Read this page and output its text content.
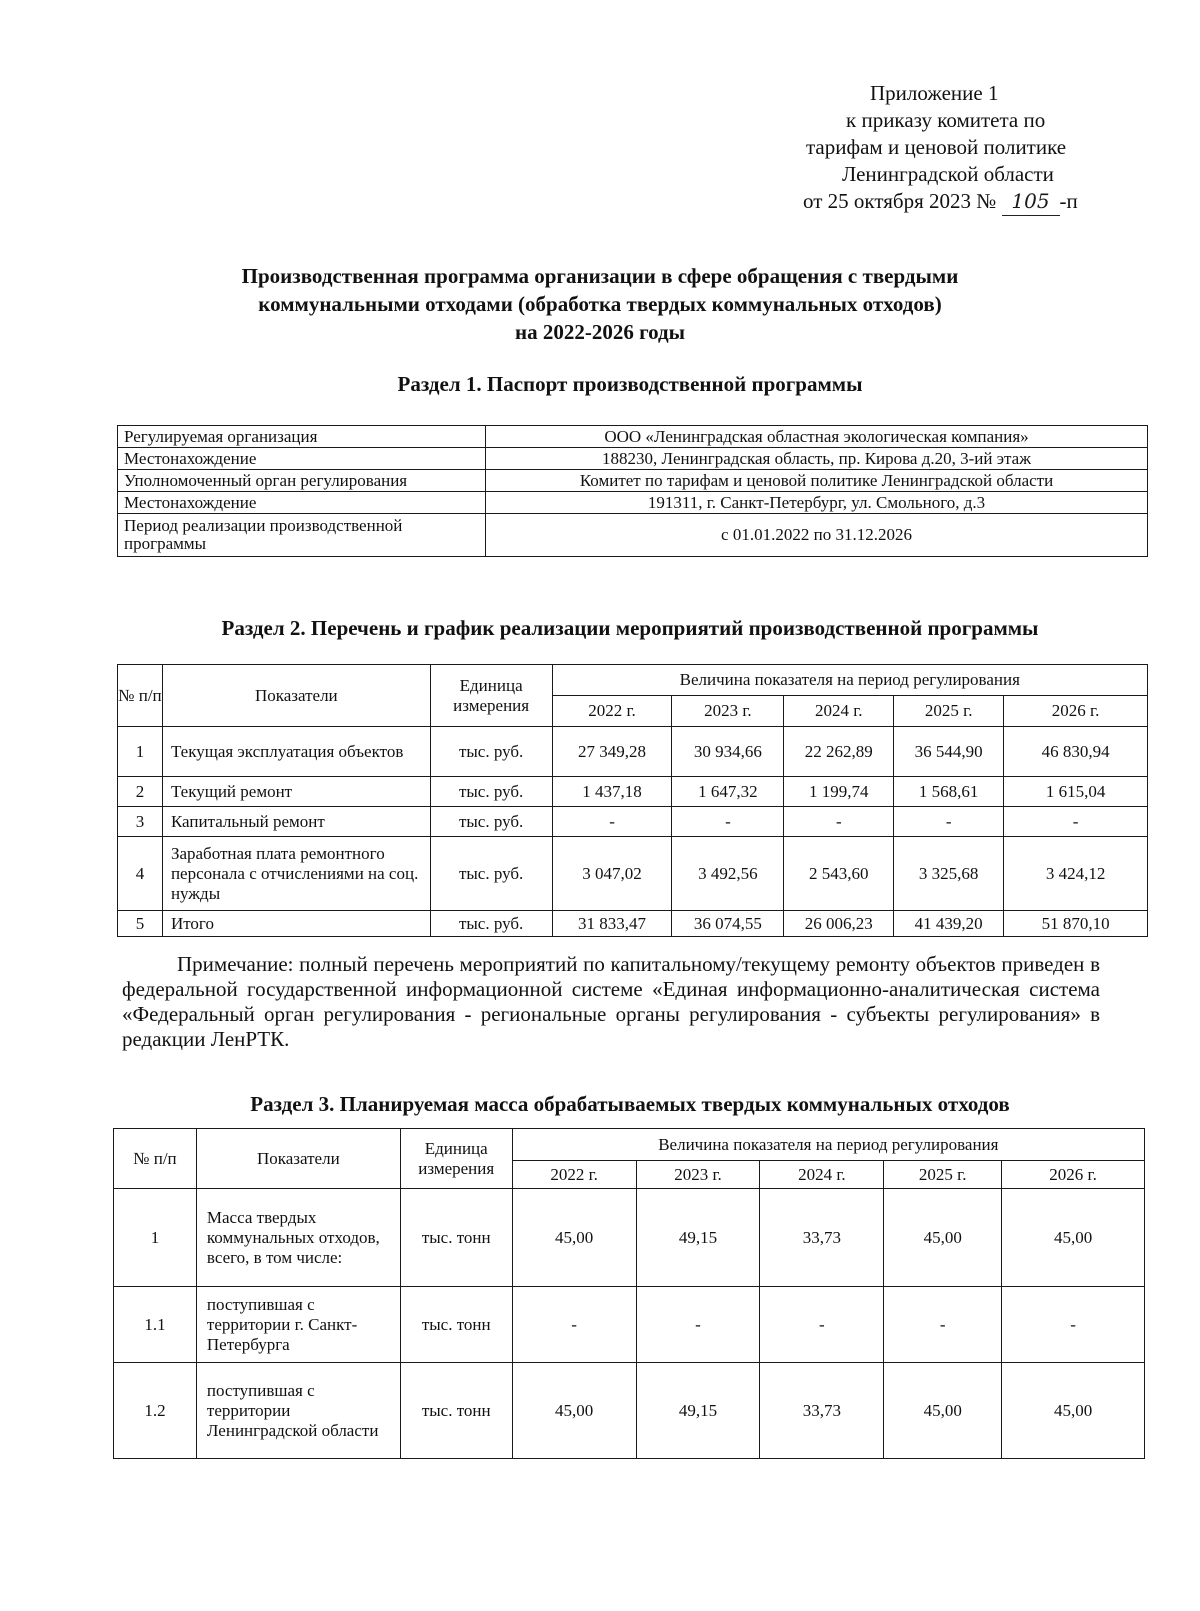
Приложение 1
к приказу комитета по
тарифам и ценовой политике
Ленинградской области
от 25 октября 2023 № 105 -п
Производственная программа организации в сфере обращения с твердыми
коммунальными отходами (обработка твердых коммунальных отходов)
на 2022-2026 годы
Раздел 1. Паспорт производственной программы
Регулируемая организация	ООО «Ленинградская областная экологическая компания»
Местонахождение	188230, Ленинградская область, пр. Кирова д.20, 3-ий этаж
Уполномоченный орган регулирования	Комитет по тарифам и ценовой политике Ленинградской области
Местонахождение	191311, г. Санкт-Петербург, ул. Смольного, д.3
Период реализации производственной программы	с 01.01.2022 по 31.12.2026
Раздел 2. Перечень и график реализации мероприятий производственной программы
№ п/п	Показатели	Единица измерения	Величина показателя на период регулирования				
			2022 г.	2023 г.	2024 г.	2025 г.	2026 г.
1	Текущая эксплуатация объектов	тыс. руб.	27 349,28	30 934,66	22 262,89	36 544,90	46 830,94
2	Текущий ремонт	тыс. руб.	1 437,18	1 647,32	1 199,74	1 568,61	1 615,04
3	Капитальный ремонт	тыс. руб.	-	-	-	-	-
4	Заработная плата ремонтного персонала с отчислениями на соц. нужды	тыс. руб.	3 047,02	3 492,56	2 543,60	3 325,68	3 424,12
5	Итого	тыс. руб.	31 833,47	36 074,55	26 006,23	41 439,20	51 870,10

Примечание: полный перечень мероприятий по капитальному/текущему ремонту объектов приведен в федеральной государственной информационной системе «Единая информационно-аналитическая система «Федеральный орган регулирования - региональные органы регулирования - субъекты регулирования» в редакции ЛенРТК.

Раздел 3. Планируемая масса обрабатываемых твердых коммунальных отходов
№ п/п	Показатели	Единица измерения	Величина показателя на период регулирования				
			2022 г.	2023 г.	2024 г.	2025 г.	2026 г.
1	Масса твердых коммунальных отходов, всего, в том числе:	тыс. тонн	45,00	49,15	33,73	45,00	45,00
1.1	поступившая с территории г. Санкт-Петербурга	тыс. тонн	-	-	-	-	-
1.2	поступившая с территории Ленинградской области	тыс. тонн	45,00	49,15	33,73	45,00	45,00
